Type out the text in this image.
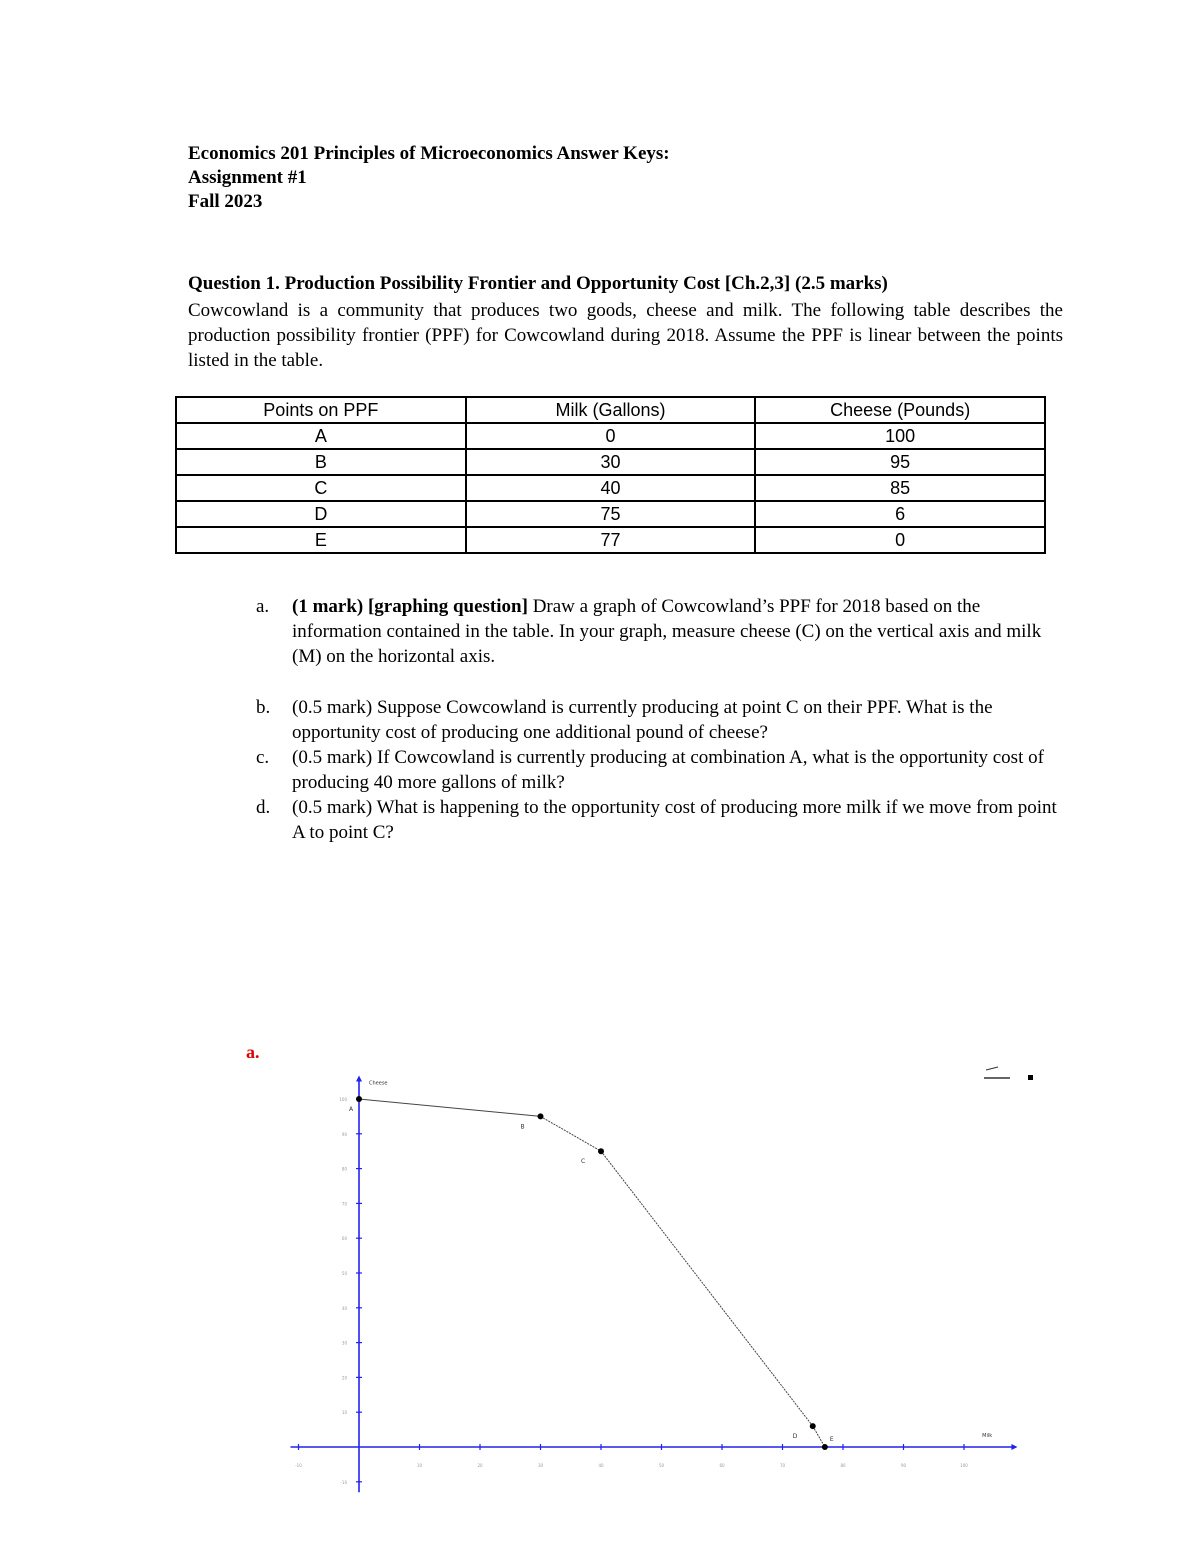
Economics 201 Principles of Microeconomics Answer Keys:
Assignment #1
Fall 2023
Question 1. Production Possibility Frontier and Opportunity Cost [Ch.2,3] (2.5 marks)
Cowcowland is a community that produces two goods, cheese and milk. The following table describes the production possibility frontier (PPF) for Cowcowland during 2018. Assume the PPF is linear between the points listed in the table.
Points on PPF	Milk (Gallons)	Cheese (Pounds)
A	0	100
B	30	95
C	40	85
D	75	6
E	77	0
a. (1 mark) [graphing question] Draw a graph of Cowcowland’s PPF for 2018 based on the information contained in the table. In your graph, measure cheese (C) on the vertical axis and milk (M) on the horizontal axis.
b. (0.5 mark) Suppose Cowcowland is currently producing at point C on their PPF. What is the opportunity cost of producing one additional pound of cheese?
c. (0.5 mark) If Cowcowland is currently producing at combination A, what is the opportunity cost of producing 40 more gallons of milk?
d. (0.5 mark) What is happening to the opportunity cost of producing more milk if we move from point A to point C?
a.
-10	10	20	30	40	50	60	70	80	90	100
-10
10
20
30
40
50
60
70
80
90
100
A
B
C
D	E	Milk
Cheese
